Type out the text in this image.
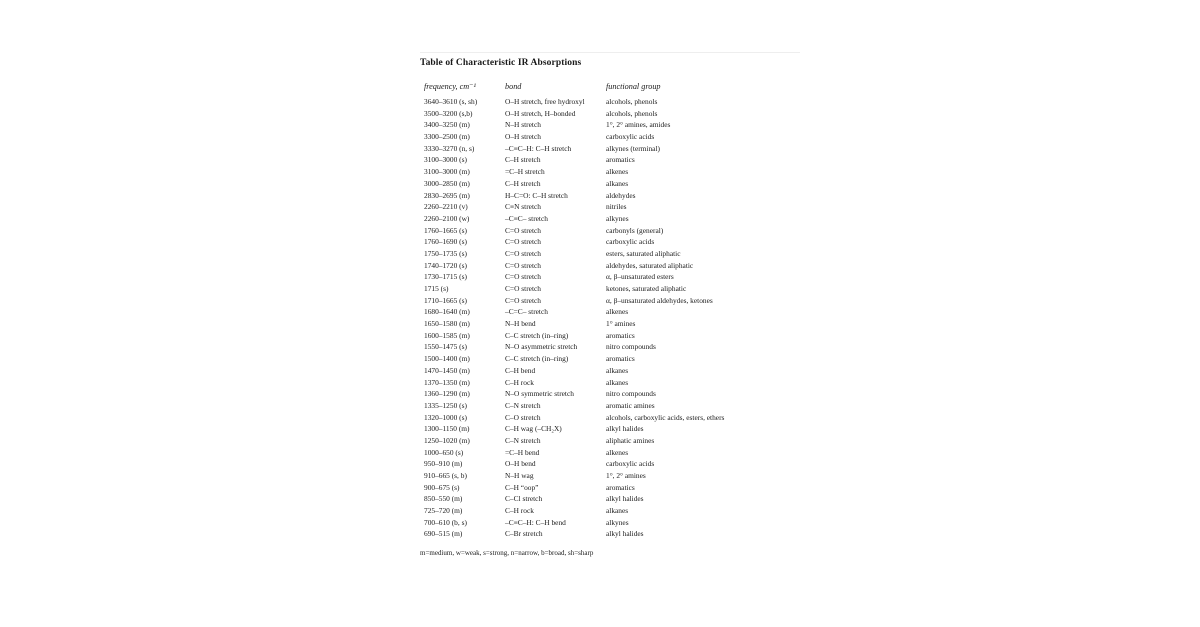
Table of Characteristic IR Absorptions
frequency, cm⁻¹	bond	functional group
3640–3610 (s, sh)	O–H stretch, free hydroxyl	alcohols, phenols
3500–3200 (s,b)	O–H stretch, H–bonded	alcohols, phenols
3400–3250 (m)	N–H stretch	1°, 2° amines, amides
3300–2500 (m)	O–H stretch	carboxylic acids
3330–3270 (n, s)	–C≡C–H: C–H stretch	alkynes (terminal)
3100–3000 (s)	C–H stretch	aromatics
3100–3000 (m)	=C–H stretch	alkenes
3000–2850 (m)	C–H stretch	alkanes
2830–2695 (m)	H–C=O: C–H stretch	aldehydes
2260–2210 (v)	C≡N stretch	nitriles
2260–2100 (w)	–C≡C– stretch	alkynes
1760–1665 (s)	C=O stretch	carbonyls (general)
1760–1690 (s)	C=O stretch	carboxylic acids
1750–1735 (s)	C=O stretch	esters, saturated aliphatic
1740–1720 (s)	C=O stretch	aldehydes, saturated aliphatic
1730–1715 (s)	C=O stretch	α, β–unsaturated esters
1715 (s)	C=O stretch	ketones, saturated aliphatic
1710–1665 (s)	C=O stretch	α, β–unsaturated aldehydes, ketones
1680–1640 (m)	–C=C– stretch	alkenes
1650–1580 (m)	N–H bend	1° amines
1600–1585 (m)	C–C stretch (in–ring)	aromatics
1550–1475 (s)	N–O asymmetric stretch	nitro compounds
1500–1400 (m)	C–C stretch (in–ring)	aromatics
1470–1450 (m)	C–H bend	alkanes
1370–1350 (m)	C–H rock	alkanes
1360–1290 (m)	N–O symmetric stretch	nitro compounds
1335–1250 (s)	C–N stretch	aromatic amines
1320–1000 (s)	C–O stretch	alcohols, carboxylic acids, esters, ethers
1300–1150 (m)	C–H wag (–CH₂X)	alkyl halides
1250–1020 (m)	C–N stretch	aliphatic amines
1000–650 (s)	=C–H bend	alkenes
950–910 (m)	O–H bend	carboxylic acids
910–665 (s, b)	N–H wag	1°, 2° amines
900–675 (s)	C–H “oop”	aromatics
850–550 (m)	C–Cl stretch	alkyl halides
725–720 (m)	C–H rock	alkanes
700–610 (b, s)	–C≡C–H: C–H bend	alkynes
690–515 (m)	C–Br stretch	alkyl halides
m=medium, w=weak, s=strong, n=narrow, b=broad, sh=sharp
